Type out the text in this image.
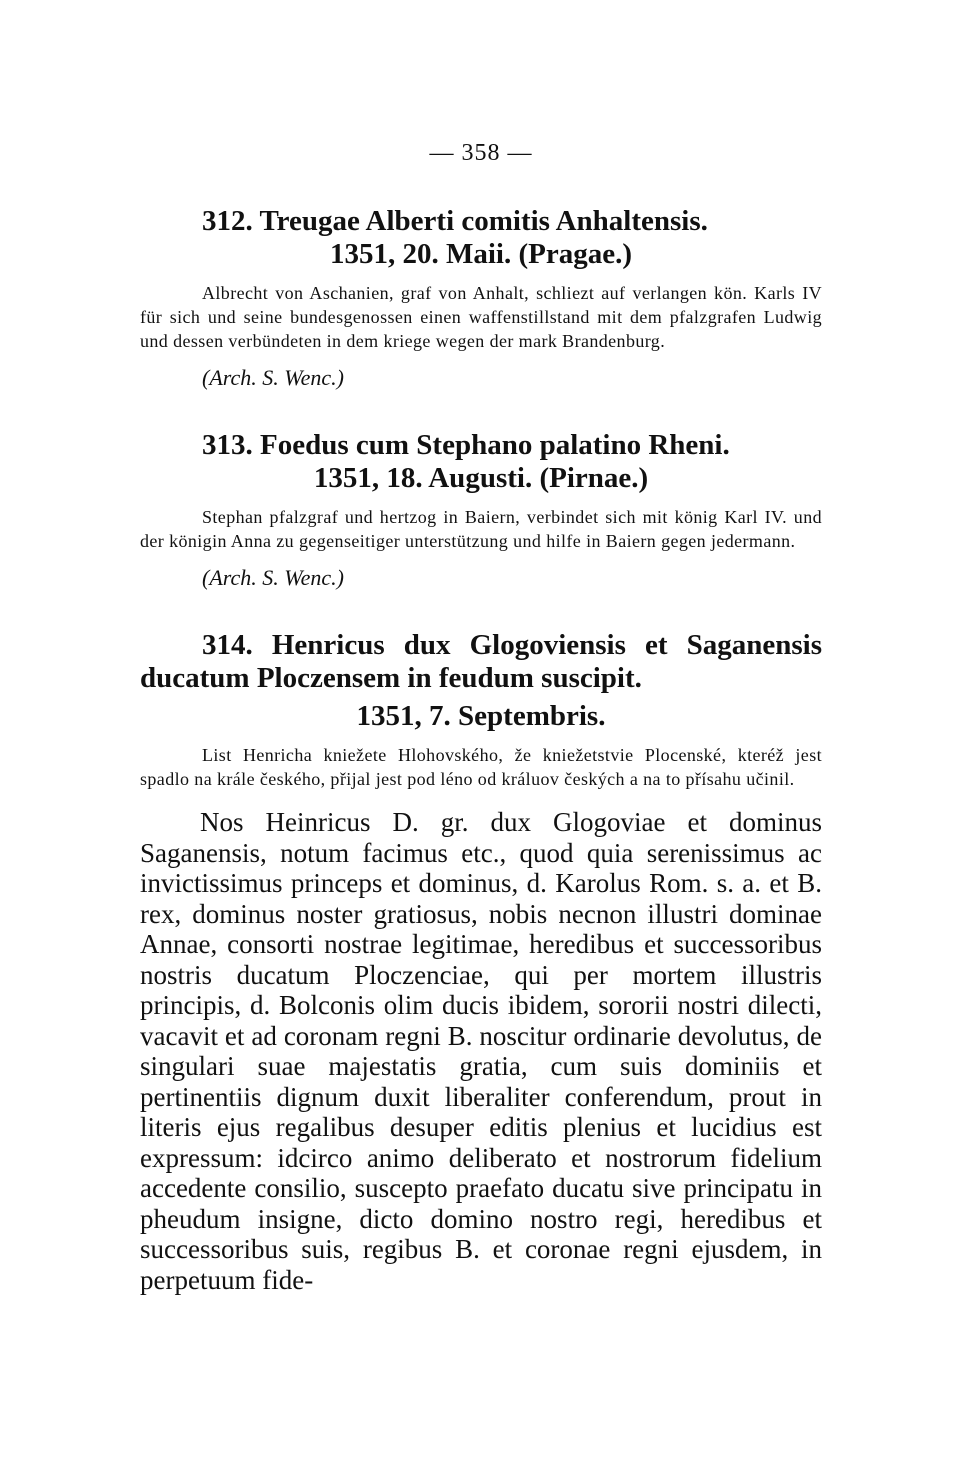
— 358 —
312. Treugae Alberti comitis Anhaltensis.
1351, 20. Maii. (Pragae.)

Albrecht von Aschanien, graf von Anhalt, schliezt auf verlangen kön. Karls IV für sich und seine bundesgenossen einen waffenstillstand mit dem pfalzgrafen Ludwig und dessen verbündeten in dem kriege wegen der mark Brandenburg.

(Arch. S. Wenc.)
313. Foedus cum Stephano palatino Rheni.
1351, 18. Augusti. (Pirnae.)

Stephan pfalzgraf und hertzog in Baiern, verbindet sich mit könig Karl IV. und der königin Anna zu gegenseitiger unterstützung und hilfe in Baiern gegen jedermann.

(Arch. S. Wenc.)
314. Henricus dux Glogoviensis et Saganensis ducatum Ploczensem in feudum suscipit.
1351, 7. Septembris.

List Henricha kniežete Hlohovského, že kniežetstvie Plocenské, kteréž jest spadlo na krále českého, přijal jest pod léno od králuov českých a na to přísahu učinil.

Nos Heinricus D. gr. dux Glogoviae et dominus Saganensis, notum facimus etc., quod quia serenissimus ac invictissimus princeps et dominus, d. Karolus Rom. s. a. et B. rex, dominus noster gratiosus, nobis necnon illustri dominae Annae, consorti nostrae legitimae, heredibus et successoribus nostris ducatum Ploczenciae, qui per mortem illustris principis, d. Bolconis olim ducis ibidem, sororii nostri dilecti, vacavit et ad coronam regni B. noscitur ordinarie devolutus, de singulari suae majestatis gratia, cum suis dominiis et pertinentiis dignum duxit liberaliter conferendum, prout in literis ejus regalibus desuper editis plenius et lucidius est expressum: idcirco animo deliberato et nostrorum fidelium accedente consilio, suscepto praefato ducatu sive principatu in pheudum insigne, dicto domino nostro regi, heredibus et successoribus suis, regibus B. et coronae regni ejusdem, in perpetuum fide-
